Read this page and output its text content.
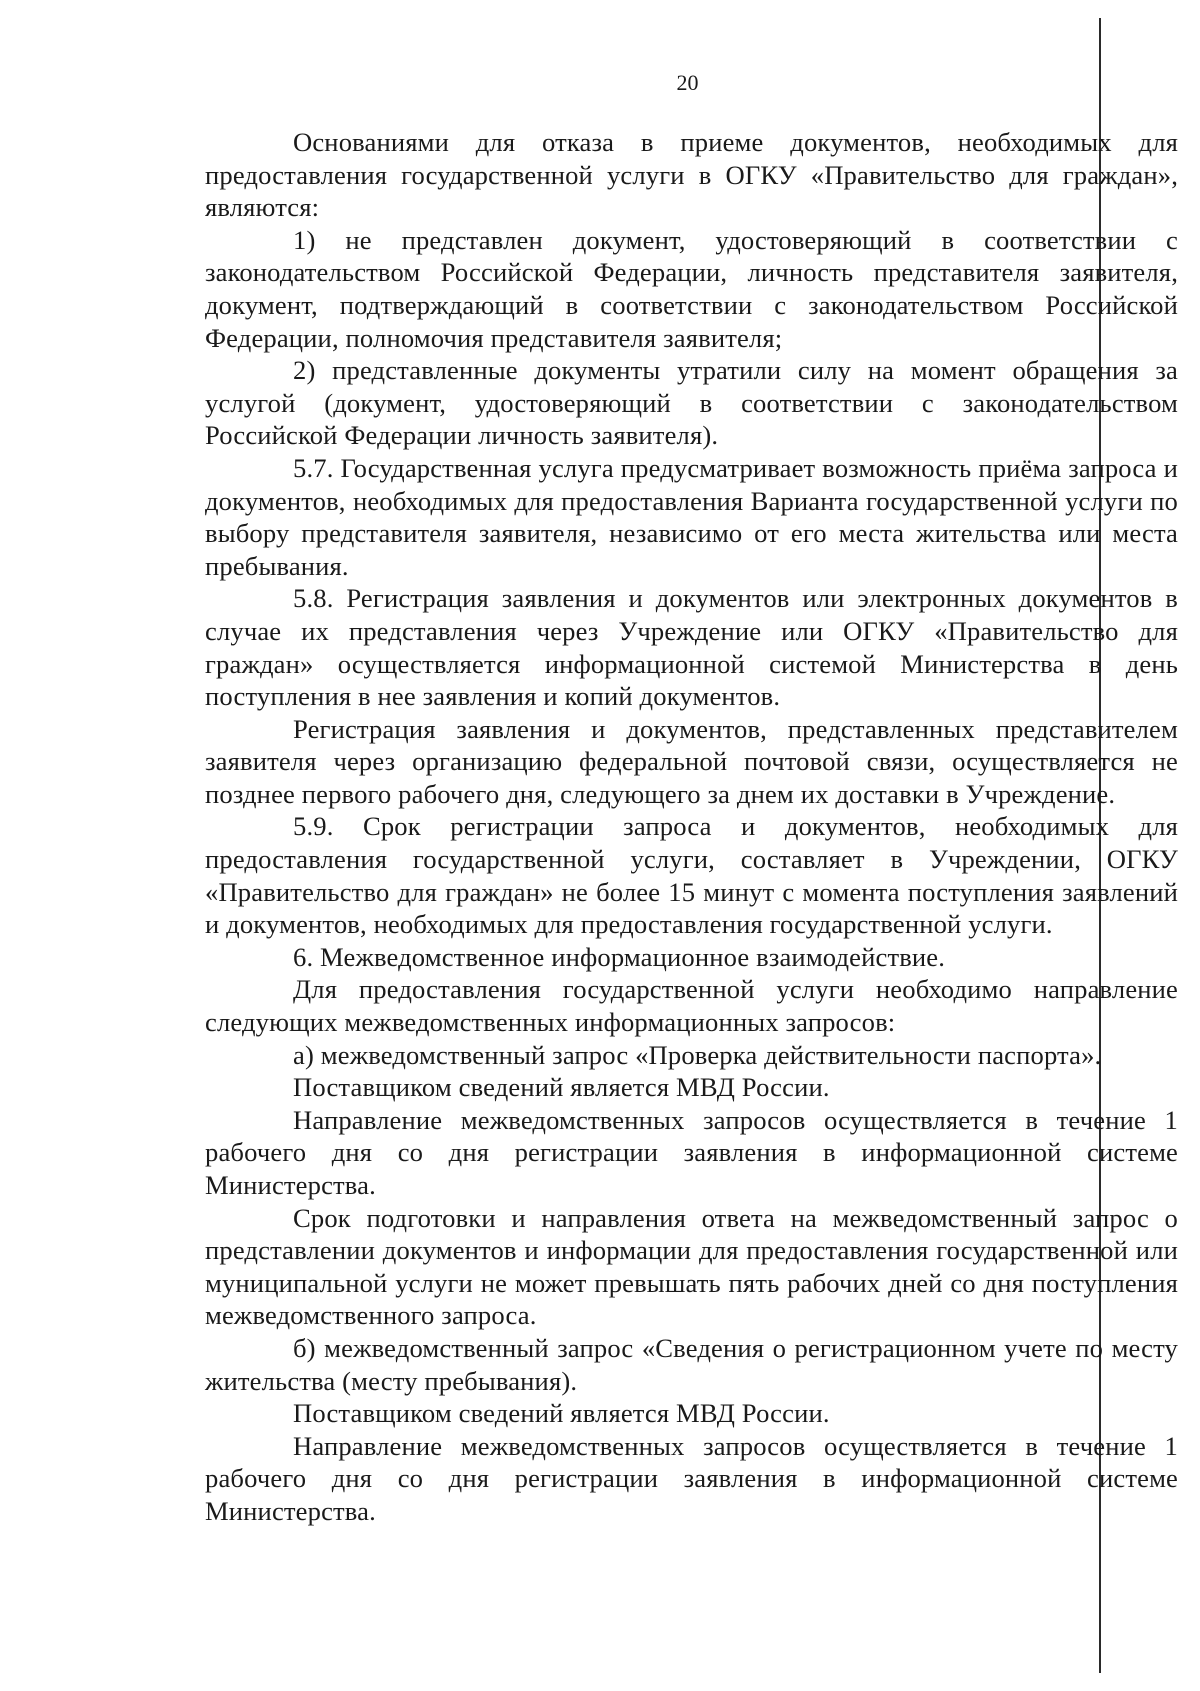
20

Основаниями для отказа в приеме документов, необходимых для предоставления государственной услуги в ОГКУ «Правительство для граждан», являются:

1) не представлен документ, удостоверяющий в соответствии с законодательством Российской Федерации, личность представителя заявителя, документ, подтверждающий в соответствии с законодательством Российской Федерации, полномочия представителя заявителя;

2) представленные документы утратили силу на момент обращения за услугой (документ, удостоверяющий в соответствии с законодательством Российской Федерации личность заявителя).

5.7. Государственная услуга предусматривает возможность приёма запроса и документов, необходимых для предоставления Варианта государственной услуги по выбору представителя заявителя, независимо от его места жительства или места пребывания.

5.8. Регистрация заявления и документов или электронных документов в случае их представления через Учреждение или ОГКУ «Правительство для граждан» осуществляется информационной системой Министерства в день поступления в нее заявления и копий документов.

Регистрация заявления и документов, представленных представителем заявителя через организацию федеральной почтовой связи, осуществляется не позднее первого рабочего дня, следующего за днем их доставки в Учреждение.

5.9. Срок регистрации запроса и документов, необходимых для предоставления государственной услуги, составляет в Учреждении, ОГКУ «Правительство для граждан» не более 15 минут с момента поступления заявлений и документов, необходимых для предоставления государственной услуги.

6. Межведомственное информационное взаимодействие.

Для предоставления государственной услуги необходимо направление следующих межведомственных информационных запросов:

а) межведомственный запрос «Проверка действительности паспорта».

Поставщиком сведений является МВД России.

Направление межведомственных запросов осуществляется в течение 1 рабочего дня со дня регистрации заявления в информационной системе Министерства.

Срок подготовки и направления ответа на межведомственный запрос о представлении документов и информации для предоставления государственной или муниципальной услуги не может превышать пять рабочих дней со дня поступления межведомственного запроса.

б) межведомственный запрос «Сведения о регистрационном учете по месту жительства (месту пребывания).

Поставщиком сведений является МВД России.

Направление межведомственных запросов осуществляется в течение 1 рабочего дня со дня регистрации заявления в информационной системе Министерства.
